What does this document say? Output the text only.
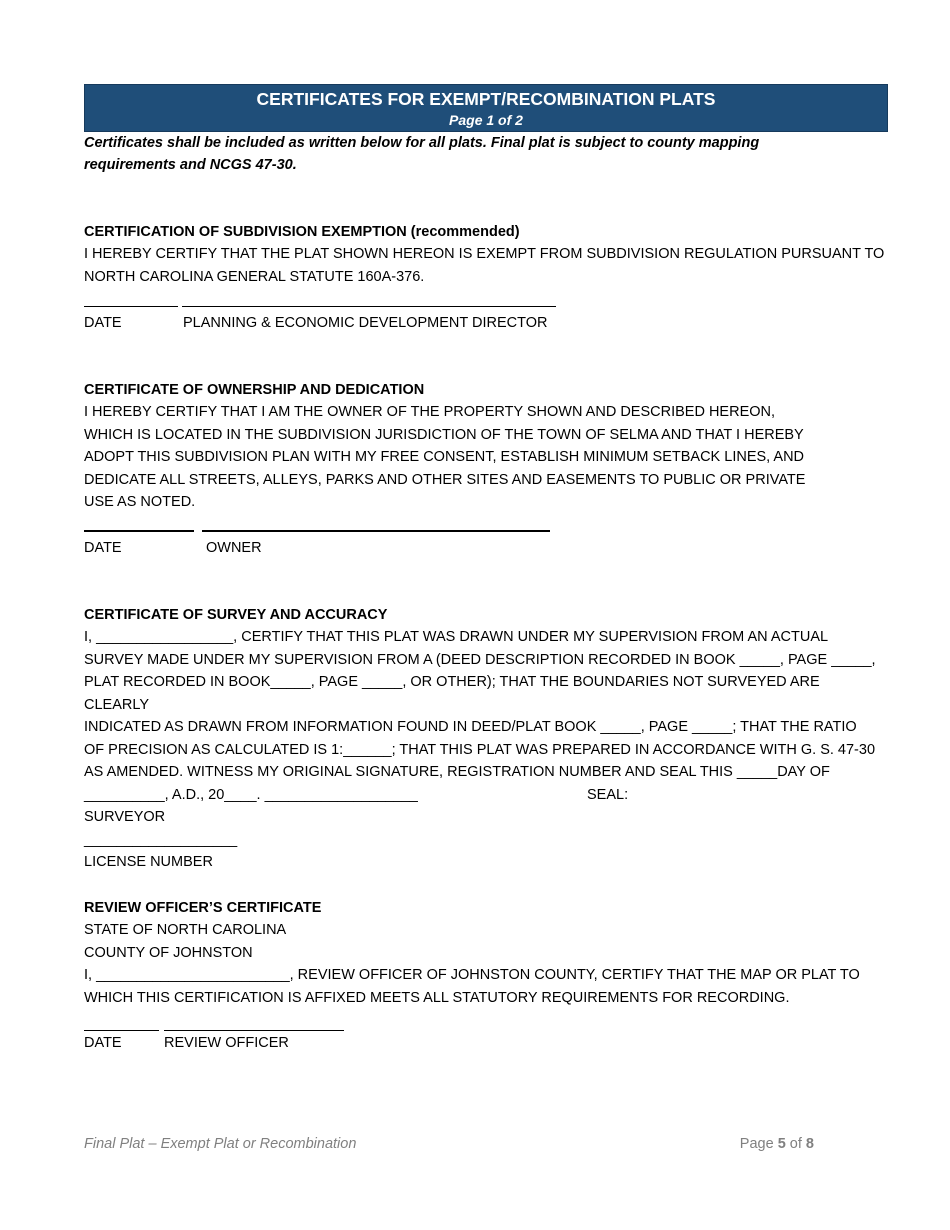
CERTIFICATES FOR EXEMPT/RECOMBINATION PLATS
Page 1 of 2
Certificates shall be included as written below for all plats. Final plat is subject to county mapping requirements and NCGS 47-30.
CERTIFICATION OF SUBDIVISION EXEMPTION (recommended)
I HEREBY CERTIFY THAT THE PLAT SHOWN HEREON IS EXEMPT FROM SUBDIVISION REGULATION PURSUANT TO NORTH CAROLINA GENERAL STATUTE 160A-376.
DATE	PLANNING & ECONOMIC DEVELOPMENT DIRECTOR
CERTIFICATE OF OWNERSHIP AND DEDICATION
I HEREBY CERTIFY THAT I AM THE OWNER OF THE PROPERTY SHOWN AND DESCRIBED HEREON, WHICH IS LOCATED IN THE SUBDIVISION JURISDICTION OF THE TOWN OF SELMA AND THAT I HEREBY ADOPT THIS SUBDIVISION PLAN WITH MY FREE CONSENT, ESTABLISH MINIMUM SETBACK LINES, AND DEDICATE ALL STREETS, ALLEYS, PARKS AND OTHER SITES AND EASEMENTS TO PUBLIC OR PRIVATE USE AS NOTED.
DATE	OWNER
CERTIFICATE OF SURVEY AND ACCURACY
I, _________________, CERTIFY THAT THIS PLAT WAS DRAWN UNDER MY SUPERVISION FROM AN ACTUAL
SURVEY MADE UNDER MY SUPERVISION FROM A (DEED DESCRIPTION RECORDED IN BOOK _____, PAGE _____,
PLAT RECORDED IN BOOK_____, PAGE _____, OR OTHER); THAT THE BOUNDARIES NOT SURVEYED ARE CLEARLY
INDICATED AS DRAWN FROM INFORMATION FOUND IN DEED/PLAT BOOK _____, PAGE _____; THAT THE RATIO
OF PRECISION AS CALCULATED IS 1:______; THAT THIS PLAT WAS PREPARED IN ACCORDANCE WITH G. S. 47-30
AS AMENDED. WITNESS MY ORIGINAL SIGNATURE, REGISTRATION NUMBER AND SEAL THIS _____DAY OF
__________, A.D., 20____. ___________________	SEAL:
SURVEYOR
___________________
LICENSE NUMBER
REVIEW OFFICER’S CERTIFICATE
STATE OF NORTH CAROLINA
COUNTY OF JOHNSTON
I, ________________________, REVIEW OFFICER OF JOHNSTON COUNTY, CERTIFY THAT THE MAP OR PLAT TO
WHICH THIS CERTIFICATION IS AFFIXED MEETS ALL STATUTORY REQUIREMENTS FOR RECORDING.
DATE	REVIEW OFFICER
Final Plat – Exempt Plat or Recombination	Page 5 of 8
